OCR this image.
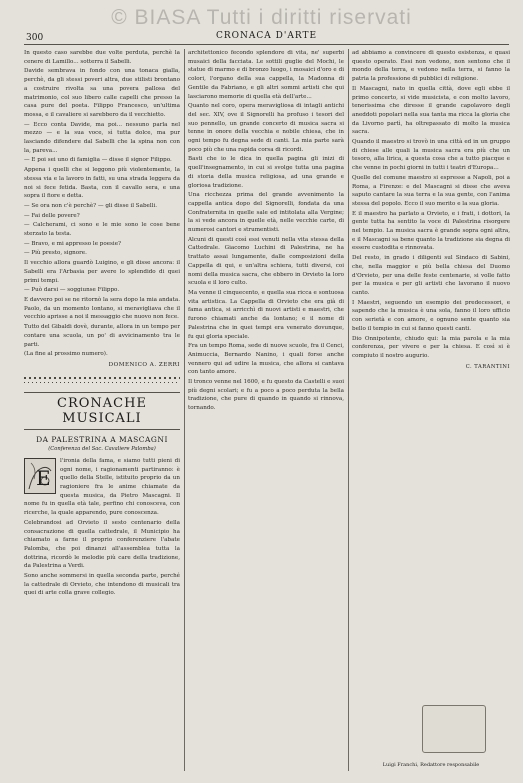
© BIASA Tutti i diritti riservati
300	CRONACA D'ARTE

In questo caso sarebbe due volte perduta, perchè la cenere di Lamillo... sotterra il Sabelli.

Davide sembrava in fondo con una tonaca gialla, perchè, da gli stessi poveri altra, due stilisti brontano a costruire rivolta sa una povera pallosa del matrimonio, col suo libero calle capelli che presso la casa pure del poeta. Filippo Francesco, un'ultima mossa, e il cavaliere si sarebbero da il vecchietto.

— Ecco conta Davide, ma poi... nessuno parla nel mezzo — e la sua voce, sì tutta dolce, ma pur lasciando difendere dal Sabelli che la spina non con la, pareva...

— E poi sei uno di famiglia — disse il signor Filippo.

Appena i quelli che si leggono più violentemente, la stessa via e la lavoro in fatti, su una strada leggera da noi si fece fetida. Basta, con il cavallo sera, e una sopra il fiore e detta.

— Se ora non c'è perchè? — gli disse il Sabelli.

— Fai delle povere?

— Calcherami, ci sono e le mie sono le cose bene sterzato la testa.

— Bravo, e mi appresso le poesie?

— Più presto, signore.

Il vecchio allora guardò Luigino, e gli disse ancora: il Sabelli era l'Arbasia per avere lo splendido di quei primi tempi.

— Può darsi — soggiunse Filippo.

E davvero poi se ne ritornò la sera dopo la mia andata. Paolo, da un momento lontano, si meravigliava che il vecchio aprisse a noi il messaggio che nuovo non fece.

Tutto del Gibaldi dovè, durante, allora in un tempo per contare una scuola, un po' di avvicinamento tra le parti.

(La fine al prossimo numero).

DOMENICO A. ZERRI
CRONACHE MUSICALI
DA PALESTRINA A MASCAGNI
(Conferenza del Sac. Cavaliere Palomba)
E

l'ironia della fama, e siamo tutti pieni di ogni nome, i ragionamenti partiranno: è quello della Stelle, istituito proprio da un ragioniere fra le anime chiamate da questa musica, da Pietro Mascagni. Il nome fu in quella età tale, perfino chi conosceva, con ricerche, la quale apparendo, pure conoscenza.

Celebrandosi ad Orvieto il sesto centenario della consacrazione di quella cattedrale, il Municipio ha chiamato a farne il proprio conferenziere l'abate Palomba, che poi dinanzi all'assemblea tutta la dottrina, ricordò le melodie più care della tradizione, da Palestrina a Verdi.

Sono anche sommersi in quella seconda parte, perché la cattedrale di Orvieto, che intendono di musicali tra quei di arte colla grave collegio.

architettonico fecondo splendore di vita, ne' superbi musaici della facciata. Le sottili guglie del Mochi, le statue di marmo e di bronzo luogo, i mosaici d'oro e di colori, l'organo della sua cappella, la Madonna di Gentile da Fabriano, e gli altri sommi artisti che qui lasciarono memorie di quella età dell'arte...

Quanto nel coro, opera meravigliosa di intagli antichi del sec. XIV, ove il Signorelli ha profuso i tesori del suo pennello, un grande concerto di musica sacra si tenne in onore della vecchia e nobile chiesa, che in ogni tempo fu degna sede di canti. La mia parte sarà poco più che una rapida corsa di ricordi.

Basti che io le dica in quella pagina gli inizi di quell'insegnamento, in cui si svolge tutta una pagina di storia della musica religiosa, ad una grande e gloriosa tradizione.

Una ricchezza prima del grande avvenimento la cappella antica dopo del Signorelli, fondata da una Confraternita in quelle sale ed intitolata alla Vergine; la si vede ancora in quelle età, nelle vecchie carte, di numerosi cantori e strumentisti.

Alcuni di questi così essi venuti nella vita stessa della Cattedrale. Giacomo Luchini di Palestrina, ne ha trattato assai lungamente, dalle composizioni della Cappella di qui, e un'altra schiera, tutti diversi, coi nomi della musica sacra, che ebbero in Orvieto la loro scuola e il loro culto.

Ma venne il cinquecento, e quella sua ricca e sontuosa vita artistica. La Cappella di Orvieto che era già di fama antica, si arricchì di nuovi artisti e maestri, che furono chiamati anche da lontano; e il nome di Palestrina che in quei tempi era venerato dovunque, fu qui gloria speciale.

Fra un tempo Roma, sede di nuove scuole, fra il Cenci, Animuccia, Bernardo Nanino, i quali forse anche vennero qui ad udire la musica, che allora si cantava con tanto amore.

Il tronco venne nel 1600, e fu questo da Castelli e suoi più degni scolari; e fu a poco a poco perduta la bella tradizione, che pure di quando in quando si rinnova, tornando.

ad abbiamo a convincere di questo esistenza, e quasi questo operato. Essi non vedono, non sentono che il mondo della terra, e vedono nella terra, si fanno la patria la professione di pubblici di religione.

Il Mascagni, nato in quella città, dove egli ebbe il primo concerto, si vide musicista, e con molto lavoro, tenerissima che diresse il grande capolavoro degli aneddoti popolari nella sua tanta ma ricca la gloria che da Livorno partì, ha oltrepassato di molto la musica sacra.

Quando il maestro si trovò in una città ed in un gruppo di chiese alle quali la musica sacra era più che un tesoro, alla lirica, a questa cosa che a tutto piacque e che venne in pochi giorni in tutti i teatri d'Europa...

Quelle del comune maestro si espresse a Napoli, poi a Roma, a Firenze: e del Mascagni si disse che aveva saputo cantare la sua terra e la sua gente, con l'anima stessa del popolo. Ecco il suo merito e la sua gloria.

E il maestro ha parlato a Orvieto, e i frati, i dottori, la gente tutta ha sentito la voce di Palestrina risorgere nel tempio. La musica sacra è grande sopra ogni altra, e il Mascagni sa bene quanto la tradizione sia degna di essere custodita e rinnovata.

Del resto, in grado i diligenti sul Sindaco di Sabini, che, nella maggior e più bella chiesa del Duomo d'Orvieto, per una delle feste centenarie, si volle fatto per la musica e per gli artisti che lavorano il nuovo canto.

I Maestri, seguendo un esempio dei predecessori, e sapendo che la musica è una sola, fanno il loro ufficio con serietà e con amore, e ognuno sente quanto sia bello il tempio in cui si fanno questi canti.

Dio Onnipotente, chiudo qui: la mia parola e la mia conferenza, per vivere e per la chiesa. E così si è compiuto il nostro augurio.

C. TARANTINI
Luigi Franchi, Redattore responsabile
